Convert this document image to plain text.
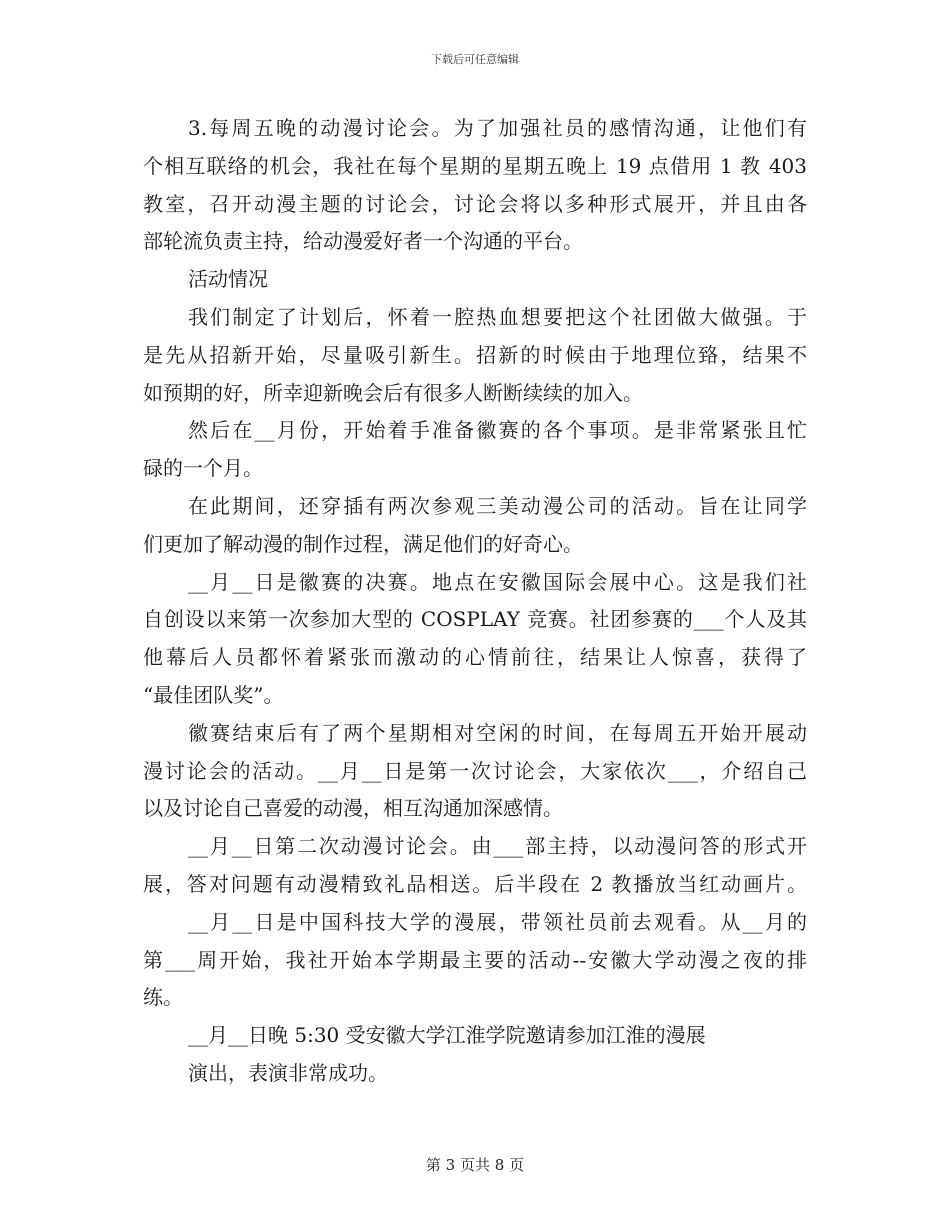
下载后可任意编辑
3.每周五晚的动漫讨论会。为了加强社员的感情沟通，让他们有
个相互联络的机会，我社在每个星期的星期五晚上 19 点借用 1 教 403
教室，召开动漫主题的讨论会，讨论会将以多种形式展开，并且由各
部轮流负责主持，给动漫爱好者一个沟通的平台。
活动情况
我们制定了计划后，怀着一腔热血想要把这个社团做大做强。于
是先从招新开始，尽量吸引新生。招新的时候由于地理位臵，结果不
如预期的好，所幸迎新晚会后有很多人断断续续的加入。
然后在__月份，开始着手准备徽赛的各个事项。是非常紧张且忙
碌的一个月。
在此期间，还穿插有两次参观三美动漫公司的活动。旨在让同学
们更加了解动漫的制作过程，满足他们的好奇心。
__月__日是徽赛的决赛。地点在安徽国际会展中心。这是我们社
自创设以来第一次参加大型的 COSPLAY 竞赛。社团参赛的___个人及其
他幕后人员都怀着紧张而激动的心情前往，结果让人惊喜，获得了
“最佳团队奖”。
徽赛结束后有了两个星期相对空闲的时间，在每周五开始开展动
漫讨论会的活动。__月__日是第一次讨论会，大家依次___，介绍自己
以及讨论自己喜爱的动漫，相互沟通加深感情。
__月__日第二次动漫讨论会。由___部主持，以动漫问答的形式开
展，答对问题有动漫精致礼品相送。后半段在 2 教播放当红动画片。
__月__日是中国科技大学的漫展，带领社员前去观看。从__月的
第___周开始，我社开始本学期最主要的活动--安徽大学动漫之夜的排
练。
__月__日晚 5:30 受安徽大学江淮学院邀请参加江淮的漫展
演出，表演非常成功。
第 3 页共 8 页
